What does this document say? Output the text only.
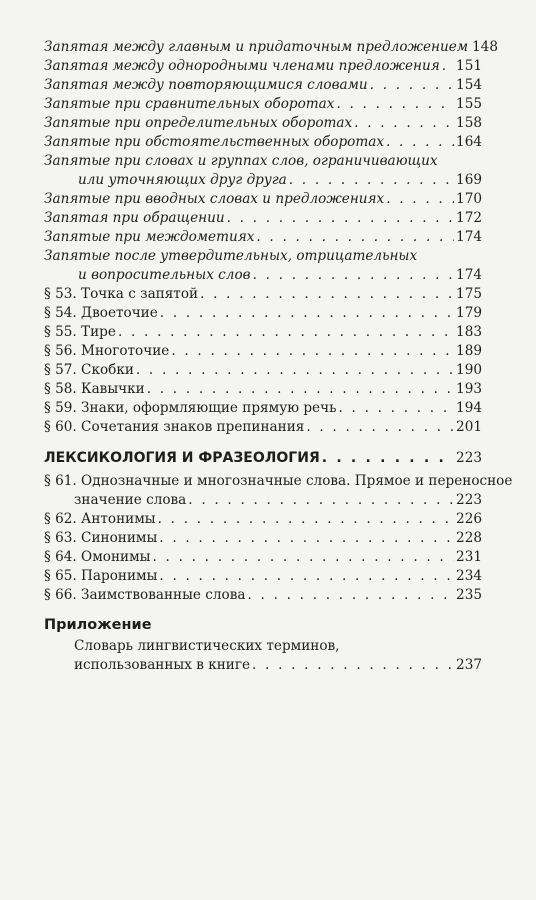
Запятая между главным и придаточным предложением 148
Запятая между однородными членами предложения . . . 151
Запятая между повторяющимися словами . . .	154
Запятые при сравнительных оборотах . . .	155
Запятые при определительных оборотах . . .	158
Запятые при обстоятельственных оборотах . . .	164
Запятые при словах и группах слов, ограничивающих
или уточняющих друг друга . . .	169
Запятые при вводных словах и предложениях . . .	170
Запятая при обращении . . .	172
Запятые при междометиях . . .	174
Запятые после утвердительных, отрицательных
и вопросительных слов . . .	174
§ 53. Точка с запятой . . .	175
§ 54. Двоеточие . . .	179
§ 55. Тире . . .	183
§ 56. Многоточие . . .	189
§ 57. Скобки . . .	190
§ 58. Кавычки . . .	193
§ 59. Знаки, оформляющие прямую речь . . .	194
§ 60. Сочетания знаков препинания . . .	201
ЛЕКСИКОЛОГИЯ И ФРАЗЕОЛОГИЯ . . .	223
§ 61. Однозначные и многозначные слова. Прямое и переносное
значение слова . . .	223
§ 62. Антонимы . . .	226
§ 63. Синонимы . . .	228
§ 64. Омонимы . . .	231
§ 65. Паронимы . . .	234
§ 66. Заимствованные слова . . .	235
Приложение
Словарь лингвистических терминов,
использованных в книге . . .	237
